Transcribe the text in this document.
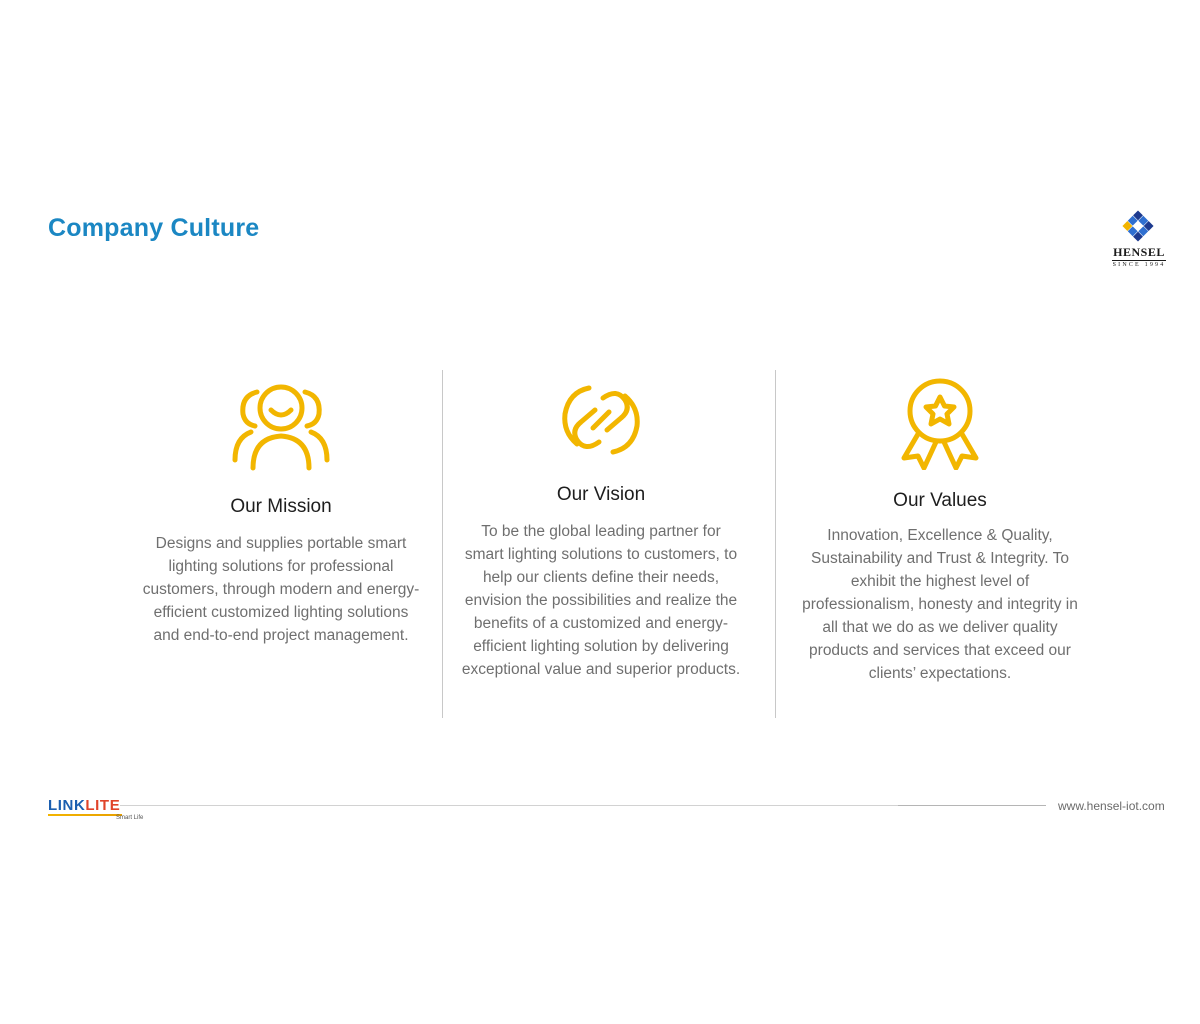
Company Culture
HENSEL
SINCE 1994
Our Mission
Designs and supplies portable smart
lighting solutions for professional
customers, through modern and energy-
efficient customized lighting solutions
and end-to-end project management.
Our Vision
To be the global leading partner for
smart lighting solutions to customers, to
help our clients define their needs,
envision the possibilities and realize the
benefits of a customized and energy-
efficient lighting solution by delivering
exceptional value and superior products.
Our Values
Innovation, Excellence & Quality,
Sustainability and Trust & Integrity. To
exhibit the highest level of
professionalism, honesty and integrity in
all that we do as we deliver quality
products and services that exceed our
clients’ expectations.
LINKLITE
Smart Life
www.hensel-iot.com
